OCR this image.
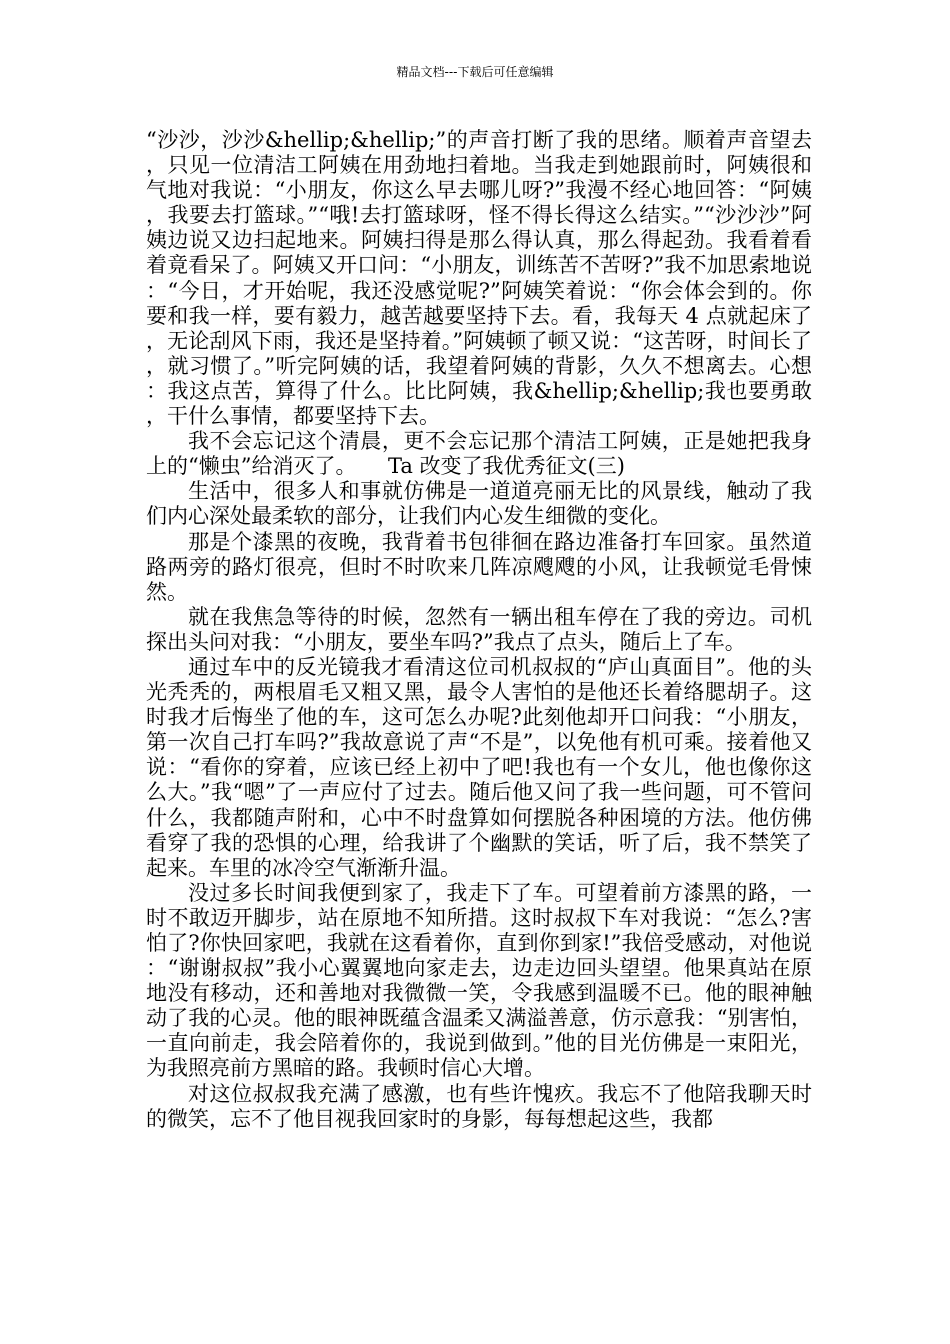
精品文档---下载后可任意编辑

“沙沙，沙沙&hellip;&hellip;”的声音打断了我的思绪。顺着声音望去，只见一位清洁工阿姨在用劲地扫着地。当我走到她跟前时，阿姨很和气地对我说：“小朋友，你这么早去哪儿呀?”我漫不经心地回答：“阿姨，我要去打篮球。”“哦!去打篮球呀，怪不得长得这么结实。”“沙沙沙”阿姨边说又边扫起地来。阿姨扫得是那么得认真，那么得起劲。我看着看着竟看呆了。阿姨又开口问：“小朋友，训练苦不苦呀?”我不加思索地说：“今日，才开始呢，我还没感觉呢?”阿姨笑着说：“你会体会到的。你要和我一样，要有毅力，越苦越要坚持下去。看，我每天 4 点就起床了，无论刮风下雨，我还是坚持着。”阿姨顿了顿又说：“这苦呀，时间长了，就习惯了。”听完阿姨的话，我望着阿姨的背影，久久不想离去。心想：我这点苦，算得了什么。比比阿姨，我&hellip;&hellip;我也要勇敢，干什么事情，都要坚持下去。

我不会忘记这个清晨，更不会忘记那个清洁工阿姨，正是她把我身上的“懒虫”给消灭了。　　Ta 改变了我优秀征文(三)

生活中，很多人和事就仿佛是一道道亮丽无比的风景线，触动了我们内心深处最柔软的部分，让我们内心发生细微的变化。

那是个漆黑的夜晚，我背着书包徘徊在路边准备打车回家。虽然道路两旁的路灯很亮，但时不时吹来几阵凉飕飕的小风，让我顿觉毛骨悚然。

就在我焦急等待的时候，忽然有一辆出租车停在了我的旁边。司机探出头问对我：“小朋友，要坐车吗?”我点了点头，随后上了车。

通过车中的反光镜我才看清这位司机叔叔的“庐山真面目”。他的头光秃秃的，两根眉毛又粗又黑，最令人害怕的是他还长着络腮胡子。这时我才后悔坐了他的车，这可怎么办呢?此刻他却开口问我：“小朋友，第一次自己打车吗?”我故意说了声“不是”，以免他有机可乘。接着他又说：“看你的穿着，应该已经上初中了吧!我也有一个女儿，他也像你这么大。”我“嗯”了一声应付了过去。随后他又问了我一些问题，可不管问什么，我都随声附和，心中不时盘算如何摆脱各种困境的方法。他仿佛看穿了我的恐惧的心理，给我讲了个幽默的笑话，听了后，我不禁笑了起来。车里的冰冷空气渐渐升温。

没过多长时间我便到家了，我走下了车。可望着前方漆黑的路，一时不敢迈开脚步，站在原地不知所措。这时叔叔下车对我说：“怎么?害怕了?你快回家吧，我就在这看着你，直到你到家!”我倍受感动，对他说：“谢谢叔叔”我小心翼翼地向家走去，边走边回头望望。他果真站在原地没有移动，还和善地对我微微一笑，令我感到温暖不已。他的眼神触动了我的心灵。他的眼神既蕴含温柔又满溢善意，仿示意我：“别害怕，一直向前走，我会陪着你的，我说到做到。”他的目光仿佛是一束阳光，为我照亮前方黑暗的路。我顿时信心大增。

对这位叔叔我充满了感激，也有些许愧疚。我忘不了他陪我聊天时的微笑，忘不了他目视我回家时的身影，每每想起这些，我都
